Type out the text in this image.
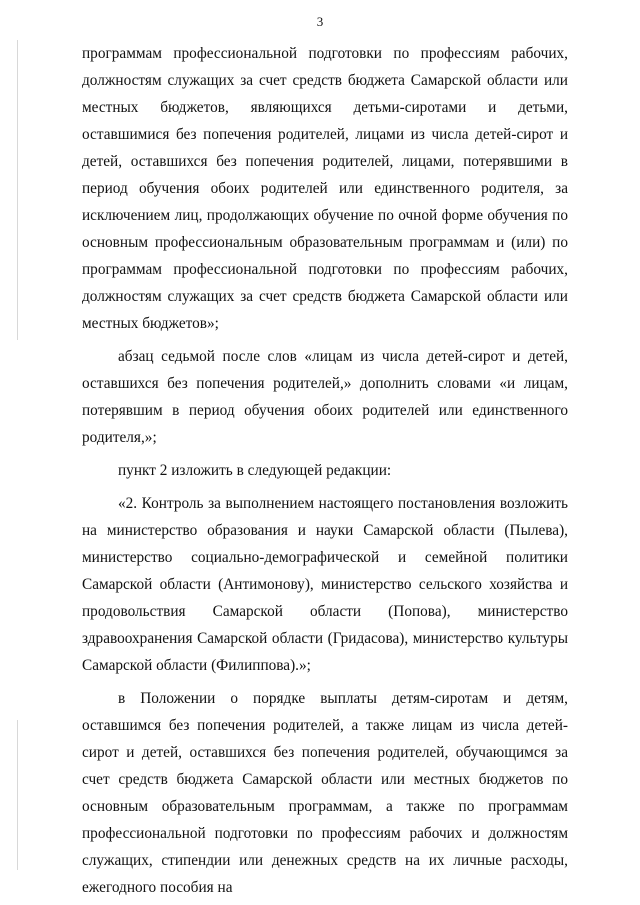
3

программам профессиональной подготовки по профессиям рабочих, должностям служащих за счет средств бюджета Самарской области или местных бюджетов, являющихся детьми-сиротами и детьми, оставшимися без попечения родителей, лицами из числа детей-сирот и детей, оставшихся без попечения родителей, лицами, потерявшими в период обучения обоих родителей или единственного родителя, за исключением лиц, продолжающих обучение по очной форме обучения по основным профессиональным образовательным программам и (или) по программам профессиональной подготовки по профессиям рабочих, должностям служащих за счет средств бюджета Самарской области или местных бюджетов»;

абзац седьмой после слов «лицам из числа детей-сирот и детей, оставшихся без попечения родителей,» дополнить словами «и лицам, потерявшим в период обучения обоих родителей или единственного родителя,»;

пункт 2 изложить в следующей редакции:

«2. Контроль за выполнением настоящего постановления возложить на министерство образования и науки Самарской области (Пылева), министерство социально-демографической и семейной политики Самарской области (Антимонову), министерство сельского хозяйства и продовольствия Самарской области (Попова), министерство здравоохранения Самарской области (Гридасова), министерство культуры Самарской области (Филиппова).»;

в Положении о порядке выплаты детям-сиротам и детям, оставшимся без попечения родителей, а также лицам из числа детей-сирот и детей, оставшихся без попечения родителей, обучающимся за счет средств бюджета Самарской области или местных бюджетов по основным образовательным программам, а также по программам профессиональной подготовки по профессиям рабочих и должностям служащих, стипендии или денежных средств на их личные расходы, ежегодного пособия на
